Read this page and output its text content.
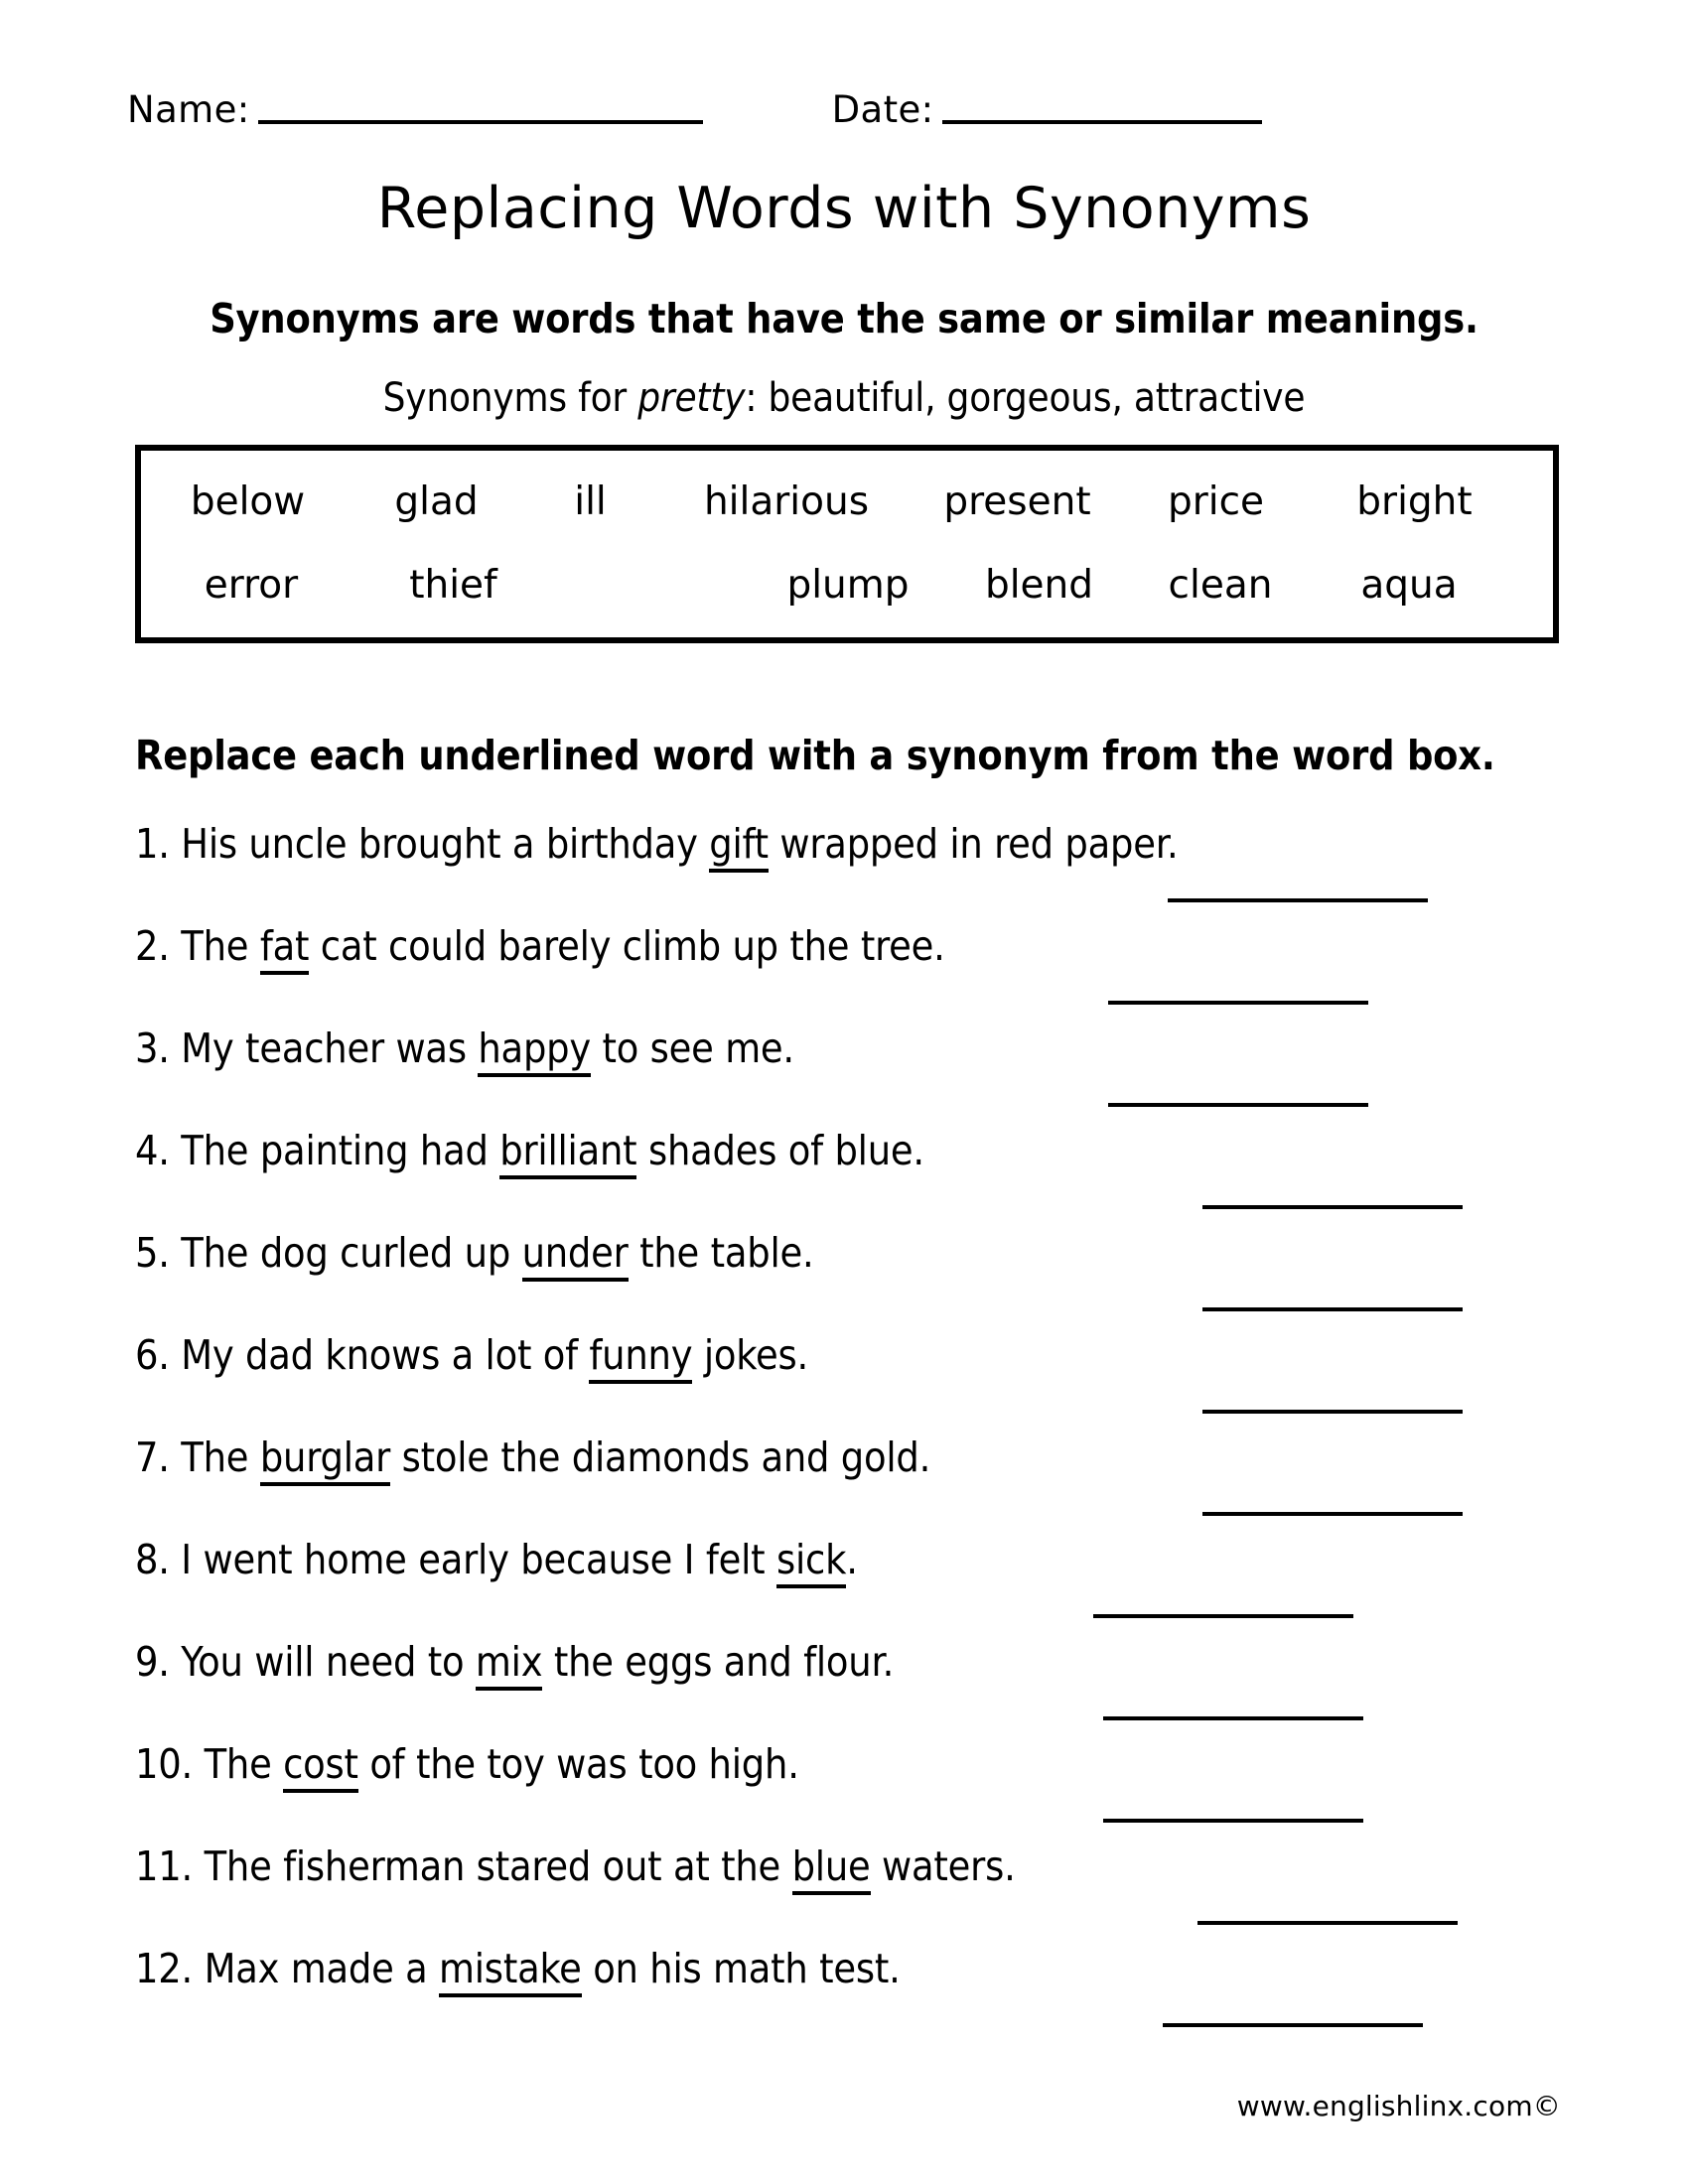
Name:	Date:
Replacing Words with Synonyms
Synonyms are words that have the same or similar meanings.
Synonyms for pretty: beautiful, gorgeous, attractive
below	glad	ill	hilarious	present	price	bright
error	thief	plump	blend	clean	aqua
Replace each underlined word with a synonym from the word box.
1. His uncle brought a birthday gift wrapped in red paper.
2. The fat cat could barely climb up the tree.
3. My teacher was happy to see me.
4. The painting had brilliant shades of blue.
5. The dog curled up under the table.
6. My dad knows a lot of funny jokes.
7. The burglar stole the diamonds and gold.
8. I went home early because I felt sick.
9. You will need to mix the eggs and flour.
10. The cost of the toy was too high.
11. The fisherman stared out at the blue waters.
12. Max made a mistake on his math test.
www.englishlinx.com©
